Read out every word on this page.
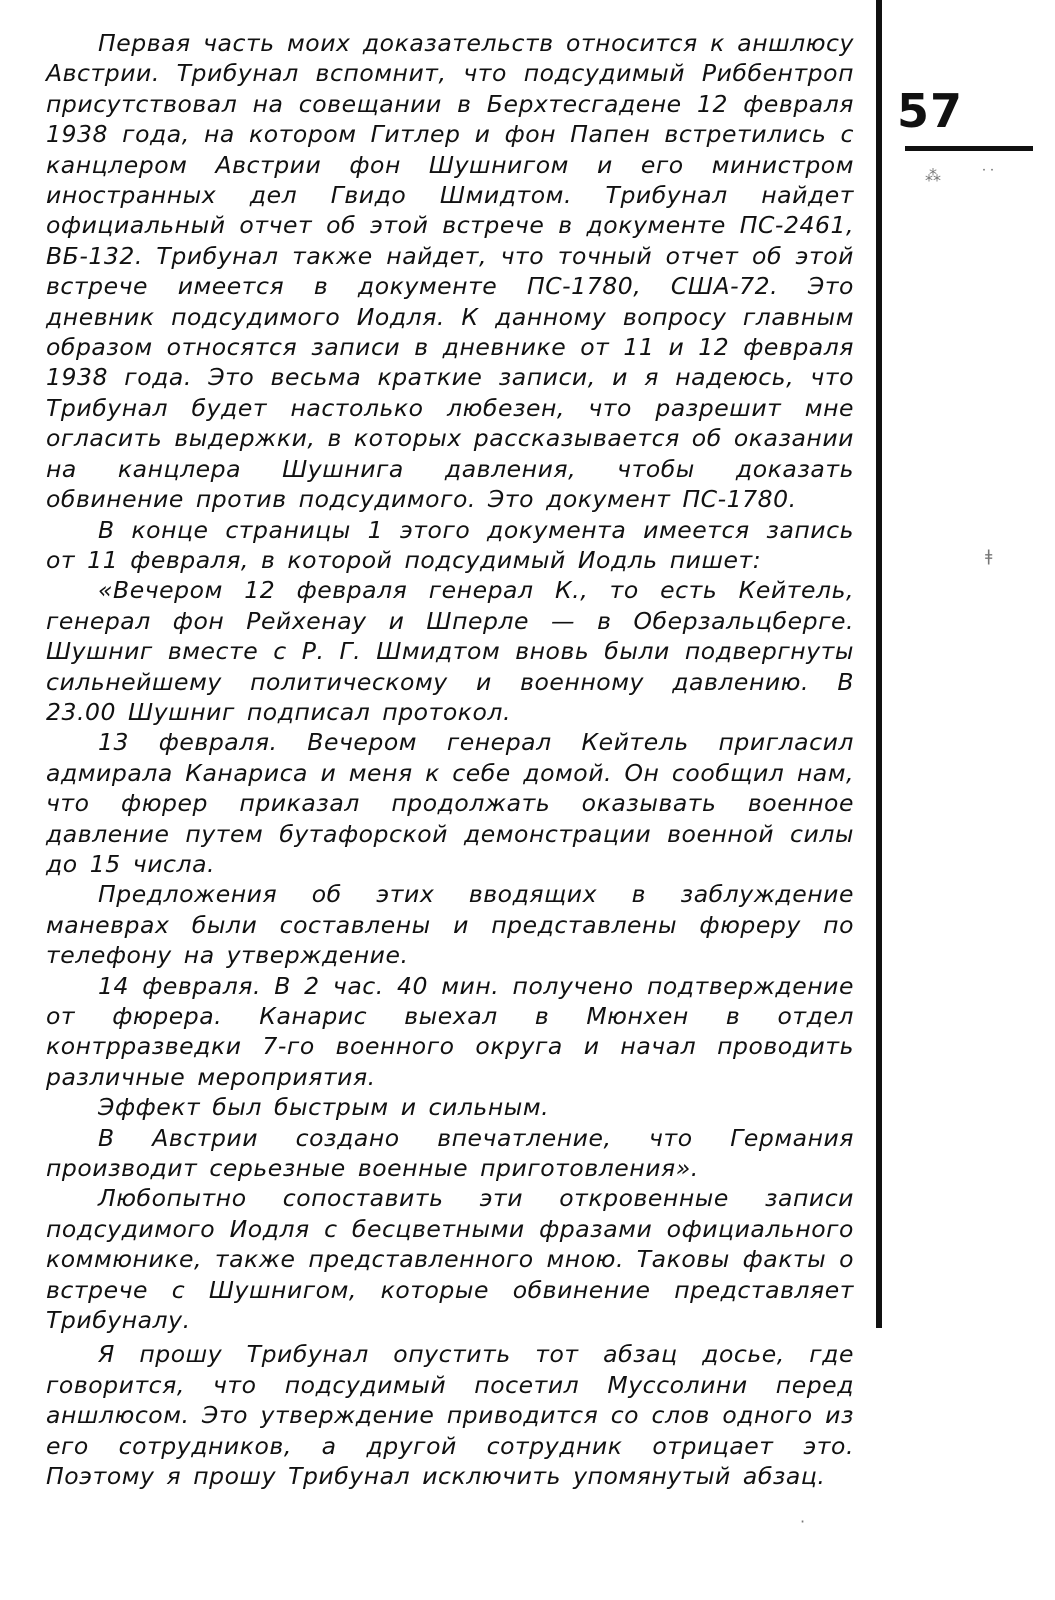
Первая часть моих доказательств относится к аншлюсу Австрии. Трибунал вспомнит, что подсудимый Риббентроп присутствовал на совещании в Берхтесгадене 12 февраля 1938 года, на котором Гитлер и фон Папен встретились с канцлером Австрии фон Шушнигом и его министром иностранных дел Гвидо Шмидтом. Трибунал найдет официальный отчет об этой встрече в документе ПС-2461, ВБ-132. Трибунал также найдет, что точный отчет об этой встрече имеется в документе ПС-1780, США-72. Это дневник подсудимого Иодля. К данному вопросу главным образом относятся записи в дневнике от 11 и 12 февраля 1938 года. Это весьма краткие записи, и я надеюсь, что Трибунал будет настолько любезен, что разрешит мне огласить выдержки, в которых рассказывается об оказании на канцлера Шушнига давления, чтобы доказать обвинение против подсудимого. Это документ ПС-1780.

В конце страницы 1 этого документа имеется запись от 11 февраля, в которой подсудимый Иодль пишет:

«Вечером 12 февраля генерал К., то есть Кейтель, генерал фон Рейхенау и Шперле — в Оберзальцберге. Шушниг вместе с Р. Г. Шмидтом вновь были подвергнуты сильнейшему политическому и военному давлению. В 23.00 Шушниг подписал протокол.

13 февраля. Вечером генерал Кейтель пригласил адмирала Канариса и меня к себе домой. Он сообщил нам, что фюрер приказал продолжать оказывать военное давление путем бутафорской демонстрации военной силы до 15 числа.

Предложения об этих вводящих в заблуждение маневрах были составлены и представлены фюреру по телефону на утверждение.

14 февраля. В 2 час. 40 мин. получено подтверждение от фюрера. Канарис выехал в Мюнхен в отдел контрразведки 7-го военного округа и начал проводить различные мероприятия.

Эффект был быстрым и сильным.

В Австрии создано впечатление, что Германия производит серьезные военные приготовления».

Любопытно сопоставить эти откровенные записи подсудимого Иодля с бесцветными фразами официального коммюнике, также представленного мною. Таковы факты о встрече с Шушнигом, которые обвинение представляет Трибуналу.

Я прошу Трибунал опустить тот абзац досье, где говорится, что подсудимый посетил Муссолини перед аншлюсом. Это утверждение приводится со слов одного из его сотрудников, а другой сотрудник отрицает это. Поэтому я прошу Трибунал исключить упомянутый абзац.

57
⁂ ˙˙
ǂ
·
